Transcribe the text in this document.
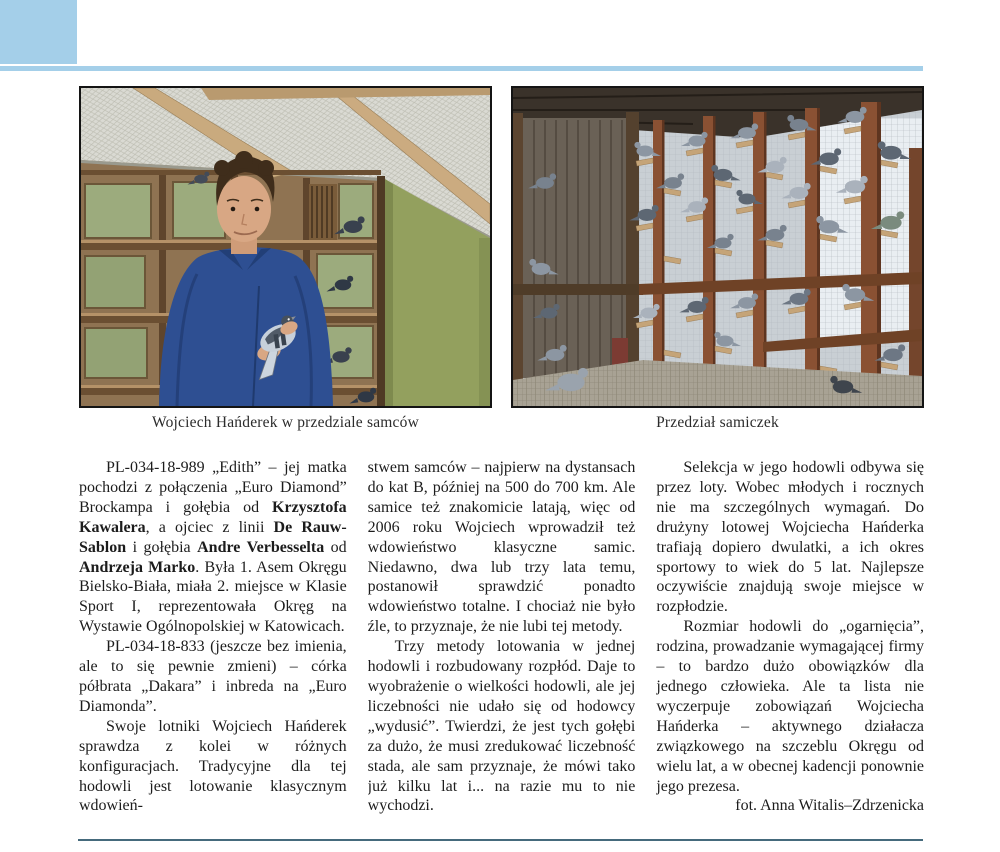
Wojciech Hańderek w przedziale samców	Przedział samiczek

PL-034-18-989 „Edith” – jej matka pochodzi z połączenia „Euro Diamond” Brockampa i gołębia od Krzysztofa Kawalera, a ojciec z linii De Rauw-Sablon i gołębia Andre Verbesselta od Andrzeja Marko. Była 1. Asem Okręgu Bielsko-Biała, miała 2. miejsce w Klasie Sport I, reprezentowała Okręg na Wystawie Ogólnopolskiej w Katowicach.

PL-034-18-833 (jeszcze bez imienia, ale to się pewnie zmieni) – córka półbrata „Dakara” i inbreda na „Euro Diamonda”.

Swoje lotniki Wojciech Hańderek sprawdza z kolei w różnych konfiguracjach. Tradycyjne dla tej hodowli jest lotowanie klasycznym wdowień-

stwem samców – najpierw na dystansach do kat B, później na 500 do 700 km. Ale samice też znakomicie latają, więc od 2006 roku Wojciech wprowadził też wdowieństwo klasyczne samic. Niedawno, dwa lub trzy lata temu, postanowił sprawdzić ponadto wdowieństwo totalne. I chociaż nie było źle, to przyznaje, że nie lubi tej metody.

Trzy metody lotowania w jednej hodowli i rozbudowany rozpłód. Daje to wyobrażenie o wielkości hodowli, ale jej liczebności nie udało się od hodowcy „wydusić”. Twierdzi, że jest tych gołębi za dużo, że musi zredukować liczebność stada, ale sam przyznaje, że mówi tako już kilku lat i... na razie mu to nie wychodzi.

Selekcja w jego hodowli odbywa się przez loty. Wobec młodych i rocznych nie ma szczególnych wymagań. Do drużyny lotowej Wojciecha Hańderka trafiają dopiero dwulatki, a ich okres sportowy to wiek do 5 lat. Najlepsze oczywiście znajdują swoje miejsce w rozpłodzie.

Rozmiar hodowli do „ogarnięcia”, rodzina, prowadzanie wymagającej firmy – to bardzo dużo obowiązków dla jednego człowieka. Ale ta lista nie wyczerpuje zobowiązań Wojciecha Hańderka – aktywnego działacza związkowego na szczeblu Okręgu od wielu lat, a w obecnej kadencji ponownie jego prezesa.

fot. Anna Witalis–Zdrzenicka
